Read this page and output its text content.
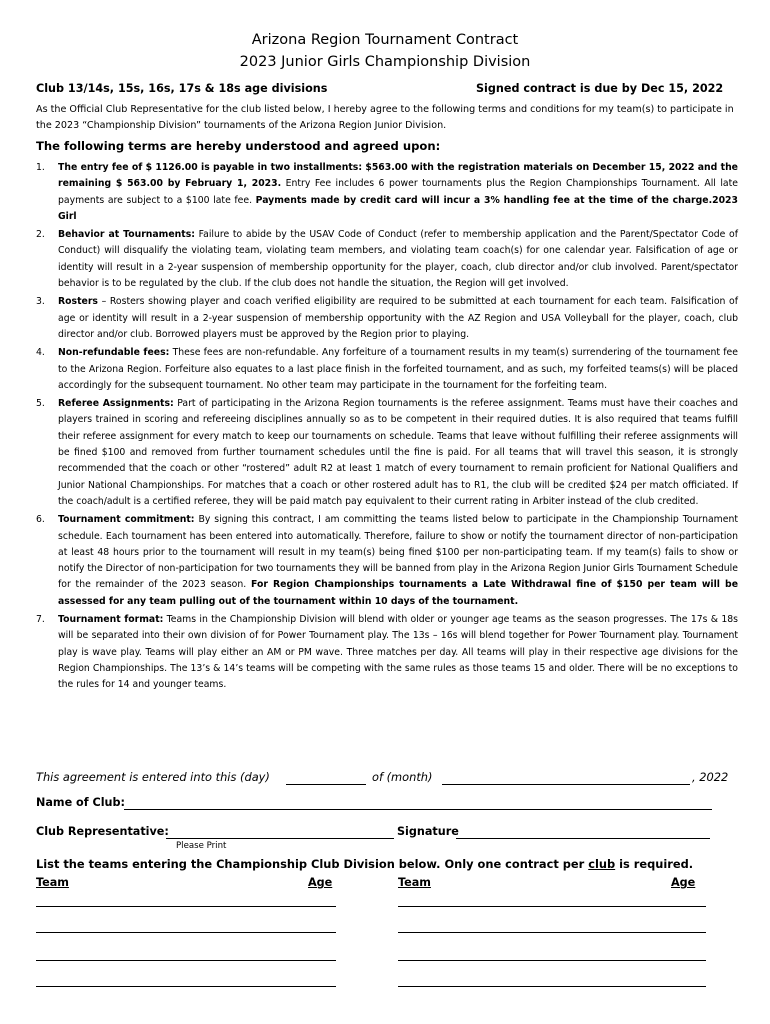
Arizona Region Tournament Contract
2023 Junior Girls Championship Division
Club 13/14s, 15s, 16s, 17s & 18s age divisions	Signed contract is due by Dec 15, 2022
As the Official Club Representative for the club listed below, I hereby agree to the following terms and conditions for my team(s) to participate in the 2023 “Championship Division” tournaments of the Arizona Region Junior Division.
The following terms are hereby understood and agreed upon:
1. The entry fee of $ 1126.00 is payable in two installments: $563.00 with the registration materials on December 15, 2022 and the remaining $ 563.00 by February 1, 2023. Entry Fee includes 6 power tournaments plus the Region Championships Tournament. All late payments are subject to a $100 late fee. Payments made by credit card will incur a 3% handling fee at the time of the charge.2023 Girl
2. Behavior at Tournaments: Failure to abide by the USAV Code of Conduct (refer to membership application and the Parent/Spectator Code of Conduct) will disqualify the violating team, violating team members, and violating team coach(s) for one calendar year. Falsification of age or identity will result in a 2-year suspension of membership opportunity for the player, coach, club director and/or club involved. Parent/spectator behavior is to be regulated by the club. If the club does not handle the situation, the Region will get involved.
3. Rosters – Rosters showing player and coach verified eligibility are required to be submitted at each tournament for each team. Falsification of age or identity will result in a 2-year suspension of membership opportunity with the AZ Region and USA Volleyball for the player, coach, club director and/or club. Borrowed players must be approved by the Region prior to playing.
4. Non-refundable fees: These fees are non-refundable. Any forfeiture of a tournament results in my team(s) surrendering of the tournament fee to the Arizona Region. Forfeiture also equates to a last place finish in the forfeited tournament, and as such, my forfeited teams(s) will be placed accordingly for the subsequent tournament. No other team may participate in the tournament for the forfeiting team.
5. Referee Assignments: Part of participating in the Arizona Region tournaments is the referee assignment. Teams must have their coaches and players trained in scoring and refereeing disciplines annually so as to be competent in their required duties. It is also required that teams fulfill their referee assignment for every match to keep our tournaments on schedule. Teams that leave without fulfilling their referee assignments will be fined $100 and removed from further tournament schedules until the fine is paid. For all teams that will travel this season, it is strongly recommended that the coach or other “rostered” adult R2 at least 1 match of every tournament to remain proficient for National Qualifiers and Junior National Championships. For matches that a coach or other rostered adult has to R1, the club will be credited $24 per match officiated. If the coach/adult is a certified referee, they will be paid match pay equivalent to their current rating in Arbiter instead of the club credited.
6. Tournament commitment: By signing this contract, I am committing the teams listed below to participate in the Championship Tournament schedule. Each tournament has been entered into automatically. Therefore, failure to show or notify the tournament director of non-participation at least 48 hours prior to the tournament will result in my team(s) being fined $100 per non-participating team. If my team(s) fails to show or notify the Director of non-participation for two tournaments they will be banned from play in the Arizona Region Junior Girls Tournament Schedule for the remainder of the 2023 season. For Region Championships tournaments a Late Withdrawal fine of $150 per team will be assessed for any team pulling out of the tournament within 10 days of the tournament.
7. Tournament format: Teams in the Championship Division will blend with older or younger age teams as the season progresses. The 17s & 18s will be separated into their own division of for Power Tournament play. The 13s – 16s will blend together for Power Tournament play. Tournament play is wave play. Teams will play either an AM or PM wave. Three matches per day. All teams will play in their respective age divisions for the Region Championships. The 13’s & 14’s teams will be competing with the same rules as those teams 15 and older. There will be no exceptions to the rules for 14 and younger teams.
This agreement is entered into this (day)	of (month)	, 2022
Name of Club:
Club Representative:	Signature
Please Print
List the teams entering the Championship Club Division below. Only one contract per club is required.
Team	Age	Team	Age
